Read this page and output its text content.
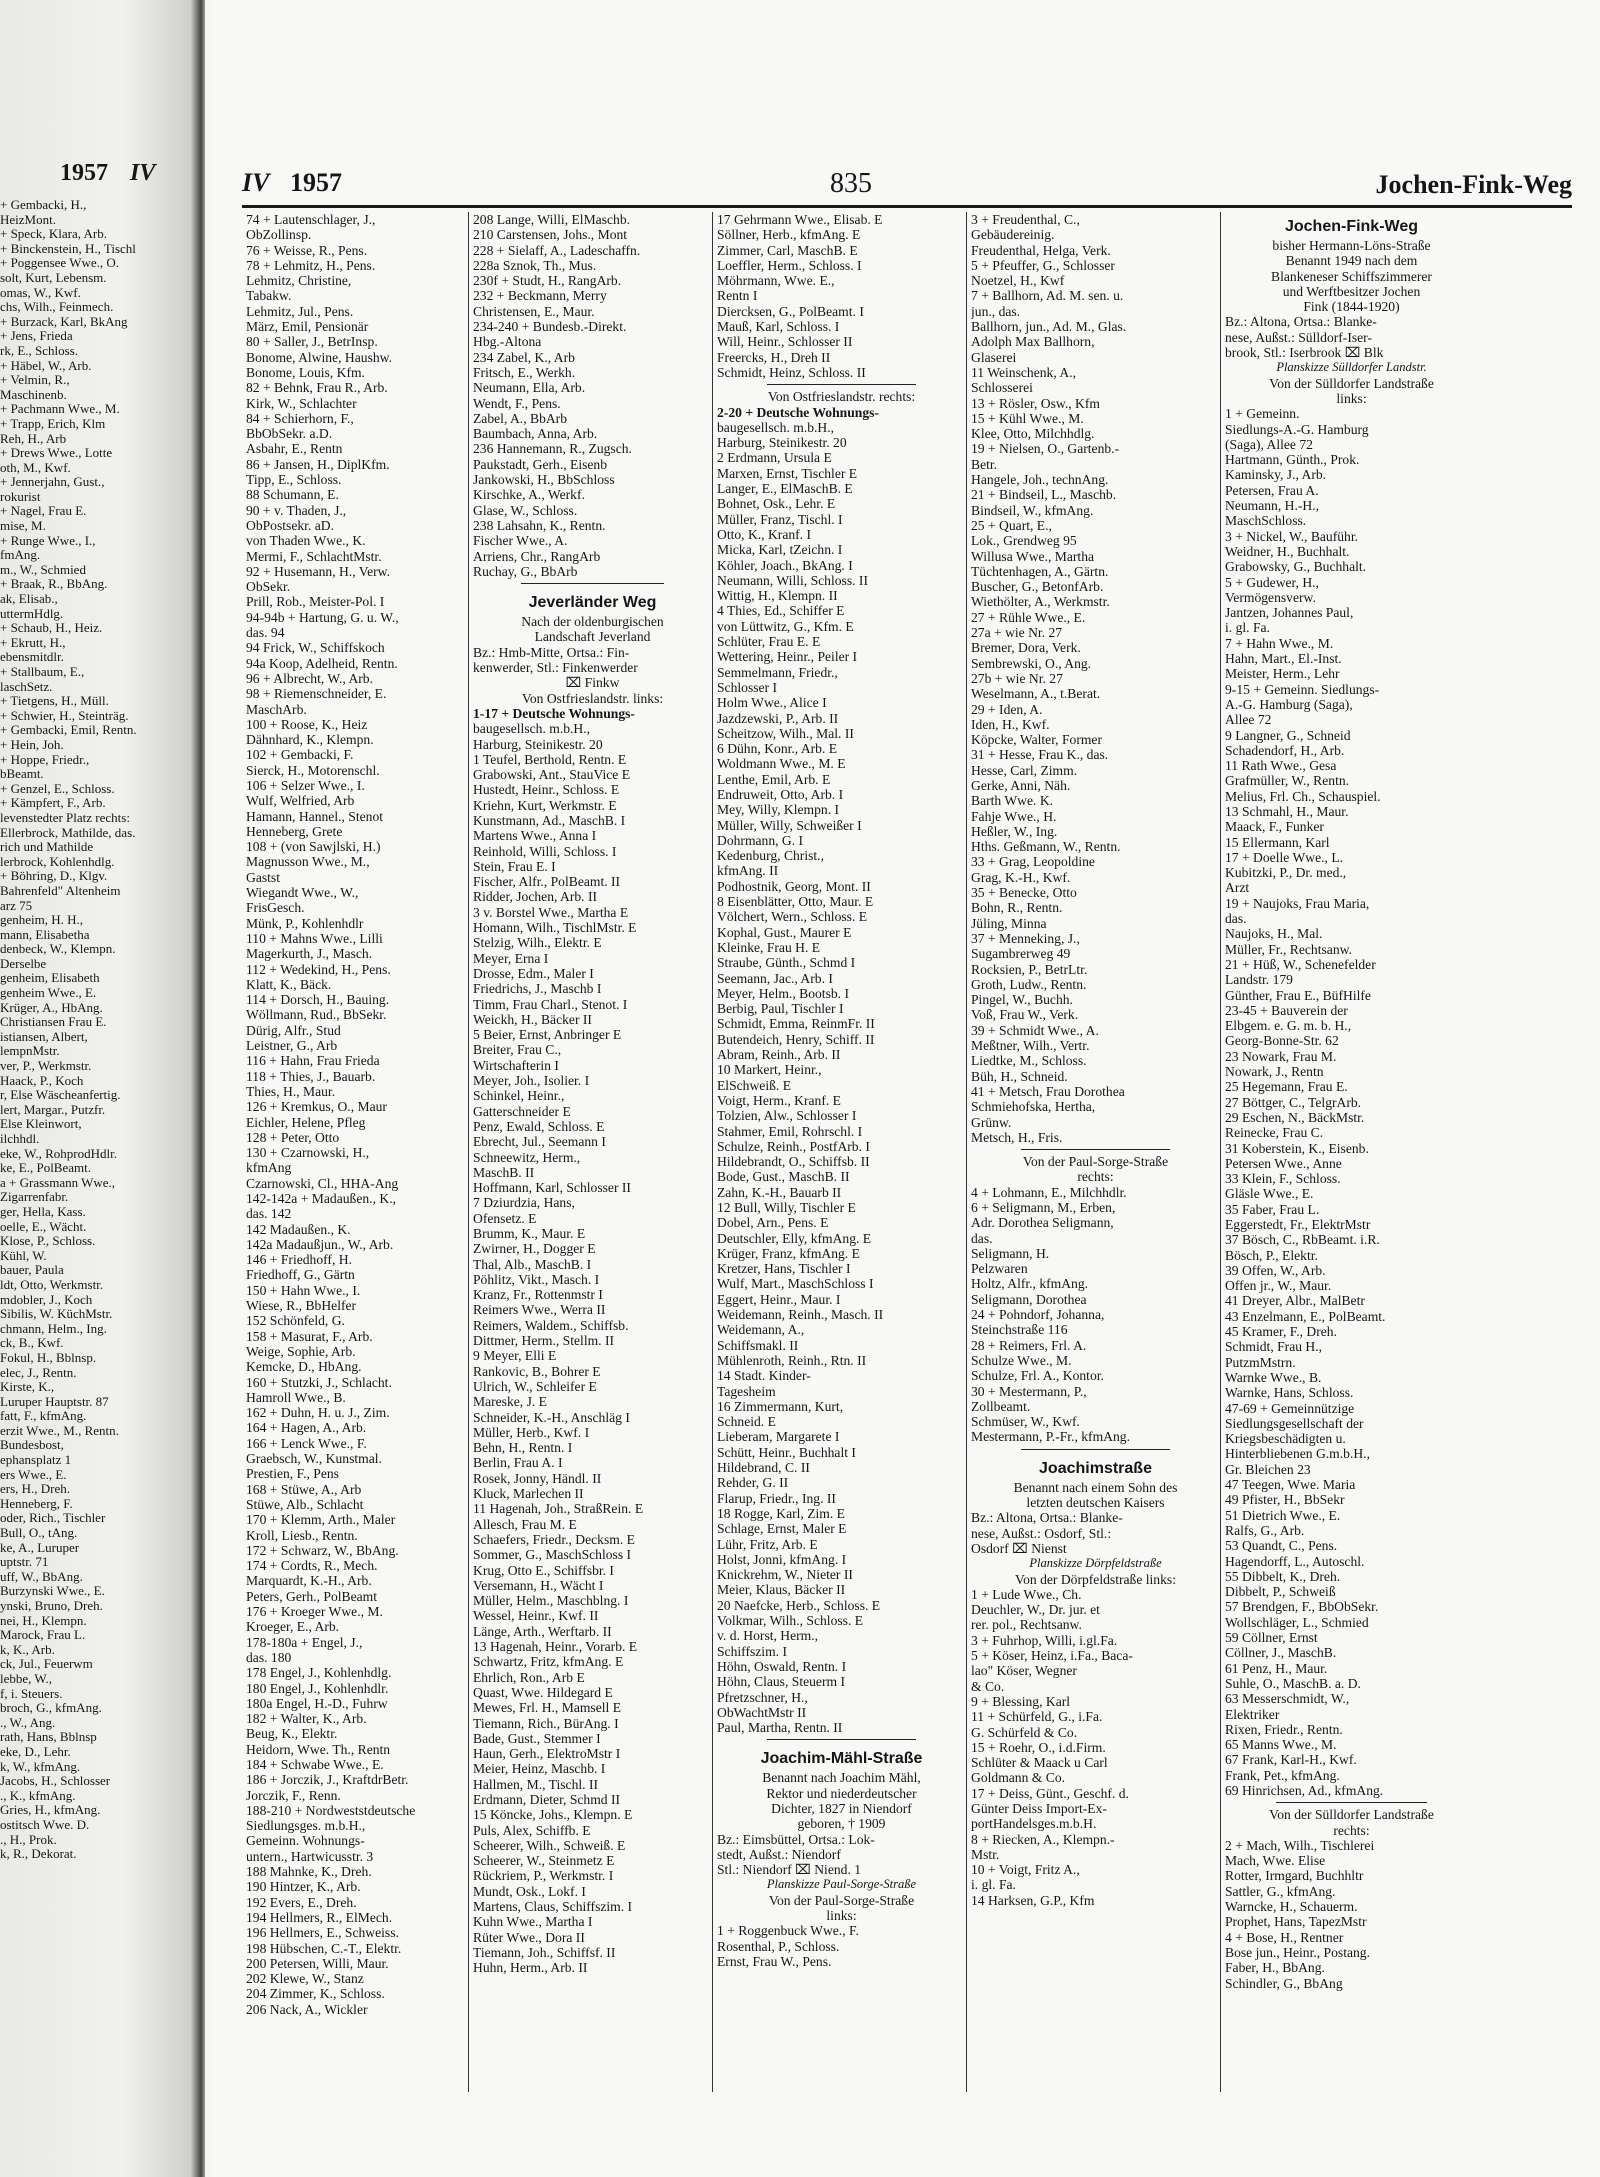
+ Gembacki, H.,
HeizMont.
+ Speck, Klara, Arb.
+ Binckenstein, H., Tischl
+ Poggensee Wwe., O.
solt, Kurt, Lebensm.
omas, W., Kwf.
chs, Wilh., Feinmech.
+ Burzack, Karl, BkAng
+ Jens, Frieda
rk, E., Schloss.
+ Häbel, W., Arb.
+ Velmin, R.,
Maschinenb.
+ Pachmann Wwe., M.
+ Trapp, Erich, Klm
Reh, H., Arb
+ Drews Wwe., Lotte
oth, M., Kwf.
+ Jennerjahn, Gust.,
rokurist
+ Nagel, Frau E.
mise, M.
+ Runge Wwe., I.,
fmAng.
m., W., Schmied
+ Braak, R., BbAng.
ak, Elisab.,
uttermHdlg.
+ Schaub, H., Heiz.
+ Ekrutt, H.,
ebensmitdlr.
+ Stallbaum, E.,
laschSetz.
+ Tietgens, H., Müll.
+ Schwier, H., Steinträg.
+ Gembacki, Emil, Rentn.
+ Hein, Joh.
+ Hoppe, Friedr.,
bBeamt.
+ Genzel, E., Schloss.
+ Kämpfert, F., Arb.
levenstedter Platz rechts:
Ellerbrock, Mathilde, das.
rich und Mathilde
lerbrock, Kohlenhdlg.
+ Böhring, D., Klgv.
Bahrenfeld" Altenheim
arz 75
genheim, H. H.,
mann, Elisabetha
denbeck, W., Klempn.
Derselbe
genheim, Elisabeth
genheim Wwe., E.
Krüger, A., HbAng.
Christiansen Frau E.
istiansen, Albert,
lempnMstr.
ver, P., Werkmstr.
Haack, P., Koch
r, Else Wäscheanfertig.
lert, Margar., Putzfr.
Else Kleinwort,
ilchhdl.
eke, W., RohprodHdlr.
ke, E., PolBeamt.
a + Grassmann Wwe.,
Zigarrenfabr.
ger, Hella, Kass.
oelle, E., Wächt.
Klose, P., Schloss.
Kühl, W.
bauer, Paula
ldt, Otto, Werkmstr.
mdobler, J., Koch
Sibilis, W. KüchMstr.
chmann, Helm., Ing.
ck, B., Kwf.
Fokul, H., Bblnsp.
elec, J., Rentn.
Kirste, K.,
Luruper Hauptstr. 87
fatt, F., kfmAng.
erzit Wwe., M., Rentn.
Bundesbost,
ephansplatz 1
ers Wwe., E.
ers, H., Dreh.
Henneberg, F.
oder, Rich., Tischler
Bull, O., tAng.
ke, A., Luruper
uptstr. 71
uff, W., BbAng.
Burzynski Wwe., E.
ynski, Bruno, Dreh.
nei, H., Klempn.
Marock, Frau L.
k, K., Arb.
ck, Jul., Feuerwm
lebbe, W.,
f, i. Steuers.
broch, G., kfmAng.
., W., Ang.
rath, Hans, Bblnsp
eke, D., Lehr.
k, W., kfmAng.
Jacobs, H., Schlosser
., K., kfmAng.
Gries, H., kfmAng.
ostitsch Wwe. D.
., H., Prok.
k, R., Dekorat.
1957 IV	IV 1957	835	Jochen-Fink-Weg
74 + Lautenschlager, J.,
ObZollinsp.
76 + Weisse, R., Pens.
78 + Lehmitz, H., Pens.
Lehmitz, Christine,
Tabakw.
Lehmitz, Jul., Pens.
März, Emil, Pensionär
80 + Saller, J., BetrInsp.
Bonome, Alwine, Haushw.
Bonome, Louis, Kfm.
82 + Behnk, Frau R., Arb.
Kirk, W., Schlachter
84 + Schierhorn, F.,
BbObSekr. a.D.
Asbahr, E., Rentn
86 + Jansen, H., DiplKfm.
Tipp, E., Schloss.
88 Schumann, E.
90 + v. Thaden, J.,
ObPostsekr. aD.
von Thaden Wwe., K.
Mermi, F., SchlachtMstr.
92 + Husemann, H., Verw.
ObSekr.
Prill, Rob., Meister-Pol. I
94-94b + Hartung, G. u. W.,
das. 94
94 Frick, W., Schiffskoch
94a Koop, Adelheid, Rentn.
96 + Albrecht, W., Arb.
98 + Riemenschneider, E.
MaschArb.
100 + Roose, K., Heiz
Dähnhard, K., Klempn.
102 + Gembacki, F.
Sierck, H., Motorenschl.
106 + Selzer Wwe., I.
Wulf, Welfried, Arb
Hamann, Hannel., Stenot
Henneberg, Grete
108 + (von Sawjlski, H.)
Magnusson Wwe., M.,
Gastst
Wiegandt Wwe., W.,
FrisGesch.
Münk, P., Kohlenhdlr
110 + Mahns Wwe., Lilli
Magerkurth, J., Masch.
112 + Wedekind, H., Pens.
Klatt, K., Bäck.
114 + Dorsch, H., Bauing.
Wöllmann, Rud., BbSekr.
Dürig, Alfr., Stud
Leistner, G., Arb
116 + Hahn, Frau Frieda
118 + Thies, J., Bauarb.
Thies, H., Maur.
126 + Kremkus, O., Maur
Eichler, Helene, Pfleg
128 + Peter, Otto
130 + Czarnowski, H.,
kfmAng
Czarnowski, Cl., HHA-Ang
142-142a + Madaußen., K.,
das. 142
142 Madaußen., K.
142a Madaußjun., W., Arb.
146 + Friedhoff, H.
Friedhoff, G., Gärtn
150 + Hahn Wwe., I.
Wiese, R., BbHelfer
152 Schönfeld, G.
158 + Masurat, F., Arb.
Weige, Sophie, Arb.
Kemcke, D., HbAng.
160 + Stutzki, J., Schlacht.
Hamroll Wwe., B.
162 + Duhn, H. u. J., Zim.
164 + Hagen, A., Arb.
166 + Lenck Wwe., F.
Graebsch, W., Kunstmal.
Prestien, F., Pens
168 + Stüwe, A., Arb
Stüwe, Alb., Schlacht
170 + Klemm, Arth., Maler
Kroll, Liesb., Rentn.
172 + Schwarz, W., BbAng.
174 + Cordts, R., Mech.
Marquardt, K.-H., Arb.
Peters, Gerh., PolBeamt
176 + Kroeger Wwe., M.
Kroeger, E., Arb.
178-180a + Engel, J.,
das. 180
178 Engel, J., Kohlenhdlg.
180 Engel, J., Kohlenhdlr.
180a Engel, H.-D., Fuhrw
182 + Walter, K., Arb.
Beug, K., Elektr.
Heidorn, Wwe. Th., Rentn
184 + Schwabe Wwe., E.
186 + Jorczik, J., KraftdrBetr.
Jorczik, F., Renn.
188-210 + Nordweststdeutsche
Siedlungsges. m.b.H.,
Gemeinn. Wohnungs-
untern., Hartwicusstr. 3
188 Mahnke, K., Dreh.
190 Hintzer, K., Arb.
192 Evers, E., Dreh.
194 Hellmers, R., ElMech.
196 Hellmers, E., Schweiss.
198 Hübschen, C.-T., Elektr.
200 Petersen, Willi, Maur.
202 Klewe, W., Stanz
204 Zimmer, K., Schloss.
206 Nack, A., Wickler
208 Lange, Willi, ElMaschb.
210 Carstensen, Johs., Mont
228 + Sielaff, A., Ladeschaffn.
228a Sznok, Th., Mus.
230f + Studt, H., RangArb.
232 + Beckmann, Merry
Christensen, E., Maur.
234-240 + Bundesb.-Direkt.
Hbg.-Altona
234 Zabel, K., Arb
Fritsch, E., Werkh.
Neumann, Ella, Arb.
Wendt, F., Pens.
Zabel, A., BbArb
Baumbach, Anna, Arb.
236 Hannemann, R., Zugsch.
Paukstadt, Gerh., Eisenb
Jankowski, H., BbSchloss
Kirschke, A., Werkf.
Glase, W., Schloss.
238 Lahsahn, K., Rentn.
Fischer Wwe., A.
Arriens, Chr., RangArb
Ruchay, G., BbArb
Jeverländer Weg
Nach der oldenburgischen
Landschaft Jeverland
Bz.: Hmb-Mitte, Ortsa.: Fin-
kenwerder, Stl.: Finkenwerder
⌧ Finkw
Von Ostfrieslandstr. links:
1-17 + Deutsche Wohnungs-
baugesellsch. m.b.H.,
Harburg, Steinikestr. 20
1 Teufel, Berthold, Rentn. E
Grabowski, Ant., StauVice E
Hustedt, Heinr., Schloss. E
Kriehn, Kurt, Werkmstr. E
Kunstmann, Ad., MaschB. I
Martens Wwe., Anna I
Reinhold, Willi, Schloss. I
Stein, Frau E. I
Fischer, Alfr., PolBeamt. II
Ridder, Jochen, Arb. II
3 v. Borstel Wwe., Martha E
Homann, Wilh., TischlMstr. E
Stelzig, Wilh., Elektr. E
Meyer, Erna I
Drosse, Edm., Maler I
Friedrichs, J., Maschb I
Timm, Frau Charl., Stenot. I
Weickh, H., Bäcker II
5 Beier, Ernst, Anbringer E
Breiter, Frau C.,
Wirtschafterin I
Meyer, Joh., Isolier. I
Schinkel, Heinr.,
Gatterschneider E
Penz, Ewald, Schloss. E
Ebrecht, Jul., Seemann I
Schneewitz, Herm.,
MaschB. II
Hoffmann, Karl, Schlosser II
7 Dziurdzia, Hans,
Ofensetz. E
Brumm, K., Maur. E
Zwirner, H., Dogger E
Thal, Alb., MaschB. I
Pöhlitz, Vikt., Masch. I
Kranz, Fr., Rottenmstr I
Reimers Wwe., Werra II
Reimers, Waldem., Schiffsb.
Dittmer, Herm., Stellm. II
9 Meyer, Elli E
Rankovic, B., Bohrer E
Ulrich, W., Schleifer E
Mareske, J. E
Schneider, K.-H., Anschläg I
Müller, Herb., Kwf. I
Behn, H., Rentn. I
Berlin, Frau A. I
Rosek, Jonny, Händl. II
Kluck, Marlechen II
11 Hagenah, Joh., StraßRein. E
Allesch, Frau M. E
Schaefers, Friedr., Decksm. E
Sommer, G., MaschSchloss I
Krug, Otto E., Schiffsbr. I
Versemann, H., Wächt I
Müller, Helm., Maschblng. I
Wessel, Heinr., Kwf. II
Länge, Arth., Werftarb. II
13 Hagenah, Heinr., Vorarb. E
Schwartz, Fritz, kfmAng. E
Ehrlich, Ron., Arb E
Quast, Wwe. Hildegard E
Mewes, Frl. H., Mamsell E
Tiemann, Rich., BürAng. I
Bade, Gust., Stemmer I
Haun, Gerh., ElektroMstr I
Meier, Heinz, Maschb. I
Hallmen, M., Tischl. II
Erdmann, Dieter, Schmd II
15 Köncke, Johs., Klempn. E
Puls, Alex, Schiffb. E
Scheerer, Wilh., Schweiß. E
Scheerer, W., Steinmetz E
Rückriem, P., Werkmstr. I
Mundt, Osk., Lokf. I
Martens, Claus, Schiffszim. I
Kuhn Wwe., Martha I
Rüter Wwe., Dora II
Tiemann, Joh., Schiffsf. II
Huhn, Herm., Arb. II
17 Gehrmann Wwe., Elisab. E
Söllner, Herb., kfmAng. E
Zimmer, Carl, MaschB. E
Loeffler, Herm., Schloss. I
Möhrmann, Wwe. E.,
Rentn I
Diercksen, G., PolBeamt. I
Mauß, Karl, Schloss. I
Will, Heinr., Schlosser II
Freercks, H., Dreh II
Schmidt, Heinz, Schloss. II
Von Ostfrieslandstr. rechts:
2-20 + Deutsche Wohnungs-
baugesellsch. m.b.H.,
Harburg, Steinikestr. 20
2 Erdmann, Ursula E
Marxen, Ernst, Tischler E
Langer, E., ElMaschB. E
Bohnet, Osk., Lehr. E
Müller, Franz, Tischl. I
Otto, K., Kranf. I
Micka, Karl, tZeichn. I
Köhler, Joach., BkAng. I
Neumann, Willi, Schloss. II
Wittig, H., Klempn. II
4 Thies, Ed., Schiffer E
von Lüttwitz, G., Kfm. E
Schlüter, Frau E. E
Wettering, Heinr., Peiler I
Semmelmann, Friedr.,
Schlosser I
Holm Wwe., Alice I
Jazdzewski, P., Arb. II
Scheitzow, Wilh., Mal. II
6 Dühn, Konr., Arb. E
Woldmann Wwe., M. E
Lenthe, Emil, Arb. E
Endruweit, Otto, Arb. I
Mey, Willy, Klempn. I
Müller, Willy, Schweißer I
Dohrmann, G. I
Kedenburg, Christ.,
kfmAng. II
Podhostnik, Georg, Mont. II
8 Eisenblätter, Otto, Maur. E
Völchert, Wern., Schloss. E
Kophal, Gust., Maurer E
Kleinke, Frau H. E
Straube, Günth., Schmd I
Seemann, Jac., Arb. I
Meyer, Helm., Bootsb. I
Berbig, Paul, Tischler I
Schmidt, Emma, ReinmFr. II
Butendeich, Henry, Schiff. II
Abram, Reinh., Arb. II
10 Markert, Heinr.,
ElSchweiß. E
Voigt, Herm., Kranf. E
Tolzien, Alw., Schlosser I
Stahmer, Emil, Rohrschl. I
Schulze, Reinh., PostfArb. I
Hildebrandt, O., Schiffsb. II
Bode, Gust., MaschB. II
Zahn, K.-H., Bauarb II
12 Bull, Willy, Tischler E
Dobel, Arn., Pens. E
Deutschler, Elly, kfmAng. E
Krüger, Franz, kfmAng. E
Kretzer, Hans, Tischler I
Wulf, Mart., MaschSchloss I
Eggert, Heinr., Maur. I
Weidemann, Reinh., Masch. II
Weidemann, A.,
Schiffsmakl. II
Mühlenroth, Reinh., Rtn. II
14 Stadt. Kinder-
Tagesheim
16 Zimmermann, Kurt,
Schneid. E
Lieberam, Margarete I
Schütt, Heinr., Buchhalt I
Hildebrand, C. II
Rehder, G. II
Flarup, Friedr., Ing. II
18 Rogge, Karl, Zim. E
Schlage, Ernst, Maler E
Lühr, Fritz, Arb. E
Holst, Jonni, kfmAng. I
Knickrehm, W., Nieter II
Meier, Klaus, Bäcker II
20 Naefcke, Herb., Schloss. E
Volkmar, Wilh., Schloss. E
v. d. Horst, Herm.,
Schiffszim. I
Höhn, Oswald, Rentn. I
Höhn, Claus, Steuerm I
Pfretzschner, H.,
ObWachtMstr II
Paul, Martha, Rentn. II
Joachim-Mähl-Straße
Benannt nach Joachim Mähl,
Rektor und niederdeutscher
Dichter, 1827 in Niendorf
geboren, † 1909
Bz.: Eimsbüttel, Ortsa.: Lok-
stedt, Außst.: Niendorf
Stl.: Niendorf ⌧ Niend. 1
Planskizze Paul-Sorge-Straße
Von der Paul-Sorge-Straße
links:
1 + Roggenbuck Wwe., F.
Rosenthal, P., Schloss.
Ernst, Frau W., Pens.
3 + Freudenthal, C.,
Gebäudereinig.
Freudenthal, Helga, Verk.
5 + Pfeuffer, G., Schlosser
Noetzel, H., Kwf
7 + Ballhorn, Ad. M. sen. u.
jun., das.
Ballhorn, jun., Ad. M., Glas.
Adolph Max Ballhorn,
Glaserei
11 Weinschenk, A.,
Schlosserei
13 + Rösler, Osw., Kfm
15 + Kühl Wwe., M.
Klee, Otto, Milchhdlg.
19 + Nielsen, O., Gartenb.-
Betr.
Hangele, Joh., technAng.
21 + Bindseil, L., Maschb.
Bindseil, W., kfmAng.
25 + Quart, E.,
Lok., Grendweg 95
Willusa Wwe., Martha
Tüchtenhagen, A., Gärtn.
Buscher, G., BetonfArb.
Wiethölter, A., Werkmstr.
27 + Rühle Wwe., E.
27a + wie Nr. 27
Bremer, Dora, Verk.
Sembrewski, O., Ang.
27b + wie Nr. 27
Weselmann, A., t.Berat.
29 + Iden, A.
Iden, H., Kwf.
Köpcke, Walter, Former
31 + Hesse, Frau K., das.
Hesse, Carl, Zimm.
Gerke, Anni, Näh.
Barth Wwe. K.
Fahje Wwe., H.
Heßler, W., Ing.
Hths. Geßmann, W., Rentn.
33 + Grag, Leopoldine
Grag, K.-H., Kwf.
35 + Benecke, Otto
Bohn, R., Rentn.
Jüling, Minna
37 + Menneking, J.,
Sugambrerweg 49
Rocksien, P., BetrLtr.
Groth, Ludw., Rentn.
Pingel, W., Buchh.
Voß, Frau W., Verk.
39 + Schmidt Wwe., A.
Meßtner, Wilh., Vertr.
Liedtke, M., Schloss.
Büh, H., Schneid.
41 + Metsch, Frau Dorothea
Schmiehofska, Hertha,
Grünw.
Metsch, H., Fris.
Von der Paul-Sorge-Straße
rechts:
4 + Lohmann, E., Milchhdlr.
6 + Seligmann, M., Erben,
Adr. Dorothea Seligmann,
das.
Seligmann, H.
Pelzwaren
Holtz, Alfr., kfmAng.
Seligmann, Dorothea
24 + Pohndorf, Johanna,
Steinchstraße 116
28 + Reimers, Frl. A.
Schulze Wwe., M.
Schulze, Frl. A., Kontor.
30 + Mestermann, P.,
Zollbeamt.
Schmüser, W., Kwf.
Mestermann, P.-Fr., kfmAng.
Joachimstraße
Benannt nach einem Sohn des
letzten deutschen Kaisers
Bz.: Altona, Ortsa.: Blanke-
nese, Außst.: Osdorf, Stl.:
Osdorf ⌧ Nienst
Planskizze Dörpfeldstraße
Von der Dörpfeldstraße links:
1 + Lude Wwe., Ch.
Deuchler, W., Dr. jur. et
rer. pol., Rechtsanw.
3 + Fuhrhop, Willi, i.gl.Fa.
5 + Köser, Heinz, i.Fa., Baca-
lao" Köser, Wegner
& Co.
9 + Blessing, Karl
11 + Schürfeld, G., i.Fa.
G. Schürfeld & Co.
15 + Roehr, O., i.d.Firm.
Schlüter & Maack u Carl
Goldmann & Co.
17 + Deiss, Günt., Geschf. d.
Günter Deiss Import-Ex-
portHandelsges.m.b.H.
8 + Riecken, A., Klempn.-
Mstr.
10 + Voigt, Fritz A.,
i. gl. Fa.
14 Harksen, G.P., Kfm
Jochen-Fink-Weg
bisher Hermann-Löns-Straße
Benannt 1949 nach dem
Blankeneser Schiffszimmerer
und Werftbesitzer Jochen
Fink (1844-1920)
Bz.: Altona, Ortsa.: Blanke-
nese, Außst.: Sülldorf-Iser-
brook, Stl.: Iserbrook ⌧ Blk
Planskizze Sülldorfer Landstr.
Von der Sülldorfer Landstraße
links:
1 + Gemeinn.
Siedlungs-A.-G. Hamburg
(Saga), Allee 72
Hartmann, Günth., Prok.
Kaminsky, J., Arb.
Petersen, Frau A.
Neumann, H.-H.,
MaschSchloss.
3 + Nickel, W., Bauführ.
Weidner, H., Buchhalt.
Grabowsky, G., Buchhalt.
5 + Gudewer, H.,
Vermögensverw.
Jantzen, Johannes Paul,
i. gl. Fa.
7 + Hahn Wwe., M.
Hahn, Mart., El.-Inst.
Meister, Herm., Lehr
9-15 + Gemeinn. Siedlungs-
A.-G. Hamburg (Saga),
Allee 72
9 Langner, G., Schneid
Schadendorf, H., Arb.
11 Rath Wwe., Gesa
Grafmüller, W., Rentn.
Melius, Frl. Ch., Schauspiel.
13 Schmahl, H., Maur.
Maack, F., Funker
15 Ellermann, Karl
17 + Doelle Wwe., L.
Kubitzki, P., Dr. med.,
Arzt
19 + Naujoks, Frau Maria,
das.
Naujoks, H., Mal.
Müller, Fr., Rechtsanw.
21 + Hüß, W., Schenefelder
Landstr. 179
Günther, Frau E., BüfHilfe
23-45 + Bauverein der
Elbgem. e. G. m. b. H.,
Georg-Bonne-Str. 62
23 Nowark, Frau M.
Nowark, J., Rentn
25 Hegemann, Frau E.
27 Böttger, C., TelgrArb.
29 Eschen, N., BäckMstr.
Reinecke, Frau C.
31 Koberstein, K., Eisenb.
Petersen Wwe., Anne
33 Klein, F., Schloss.
Gläsle Wwe., E.
35 Faber, Frau L.
Eggerstedt, Fr., ElektrMstr
37 Bösch, C., RbBeamt. i.R.
Bösch, P., Elektr.
39 Offen, W., Arb.
Offen jr., W., Maur.
41 Dreyer, Albr., MalBetr
43 Enzelmann, E., PolBeamt.
45 Kramer, F., Dreh.
Schmidt, Frau H.,
PutzmMstrn.
Warnke Wwe., B.
Warnke, Hans, Schloss.
47-69 + Gemeinnützige
Siedlungsgesellschaft der
Kriegsbeschädigten u.
Hinterbliebenen G.m.b.H.,
Gr. Bleichen 23
47 Teegen, Wwe. Maria
49 Pfister, H., BbSekr
51 Dietrich Wwe., E.
Ralfs, G., Arb.
53 Quandt, C., Pens.
Hagendorff, L., Autoschl.
55 Dibbelt, K., Dreh.
Dibbelt, P., Schweiß
57 Brendgen, F., BbObSekr.
Wollschläger, L., Schmied
59 Cöllner, Ernst
Cöllner, J., MaschB.
61 Penz, H., Maur.
Suhle, O., MaschB. a. D.
63 Messerschmidt, W.,
Elektriker
Rixen, Friedr., Rentn.
65 Manns Wwe., M.
67 Frank, Karl-H., Kwf.
Frank, Pet., kfmAng.
69 Hinrichsen, Ad., kfmAng.
Von der Sülldorfer Landstraße
rechts:
2 + Mach, Wilh., Tischlerei
Mach, Wwe. Elise
Rotter, Irmgard, Buchhltr
Sattler, G., kfmAng.
Warncke, H., Schauerm.
Prophet, Hans, TapezMstr
4 + Bose, H., Rentner
Bose jun., Heinr., Postang.
Faber, H., BbAng.
Schindler, G., BbAng
